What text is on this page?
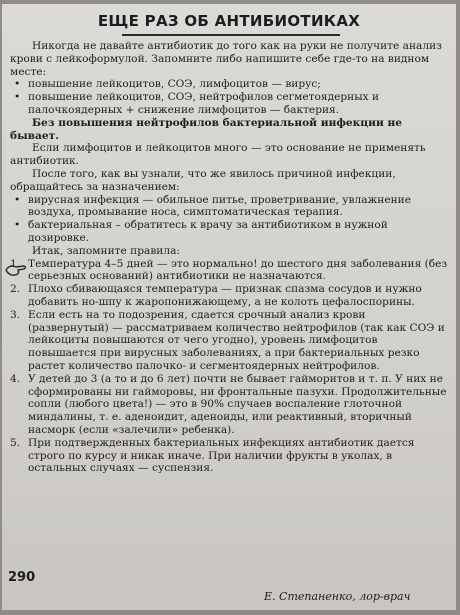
ЕЩЕ РАЗ ОБ АНТИБИОТИКАХ

Никогда не давайте антибиотик до того как на руки не получите анализ крови с лейкоформулой. Запомните либо напишите себе где-то на видном месте:

• повышение лейкоцитов, СОЭ, лимфоцитов — вирус;
• повышение лейкоцитов, СОЭ, нейтрофилов сегметоядерных и палочкоядерных + снижение лимфоцитов — бактерия.

Без повышения нейтрофилов бактериальной инфекции не бывает.

Если лимфоцитов и лейкоцитов много — это основание не применять антибиотик.

После того, как вы узнали, что же явилось причиной инфекции, обращайтесь за назначением:

• вирусная инфекция — обильное питье, проветривание, увлажнение воздуха, промывание носа, симптоматическая терапия.
• бактериальная – обратитесь к врачу за антибиотиком в нужной дозировке.

Итак, запомните правила:

1. Температура 4–5 дней — это нормально! до шестого дня заболевания (без серьезных оснований) антибиотики не назначаются.
2. Плохо сбивающаяся температура — признак спазма сосудов и нужно добавить но-шпу к жаропонижающему, а не колоть цефалоспорины.
3. Если есть на то подозрения, сдается срочный анализ крови (развернутый) — рассматриваем количество нейтрофилов (так как СОЭ и лейкоциты повышаются от чего угодно), уровень лимфоцитов повышается при вирусных заболеваниях, а при бактериальных резко растет количество палочко- и сегментоядерных нейтрофилов.
4. У детей до 3 (а то и до 6 лет) почти не бывает гайморитов и т. п. У них не сформированы ни гайморовы, ни фронтальные пазухи. Продолжительные сопли (любого цвета!) — это в 90% случаев воспаление глоточной миндалины, т. е. аденоидит, аденоиды, или реактивный, вторичный насморк (если «залечили» ребенка).
5. При подтвержденных бактериальных инфекциях антибиотик дается строго по курсу и никак иначе. При наличии фрукты в уколах, в остальных случаях — суспензия.
290
Е. Степаненко, лор-врач
